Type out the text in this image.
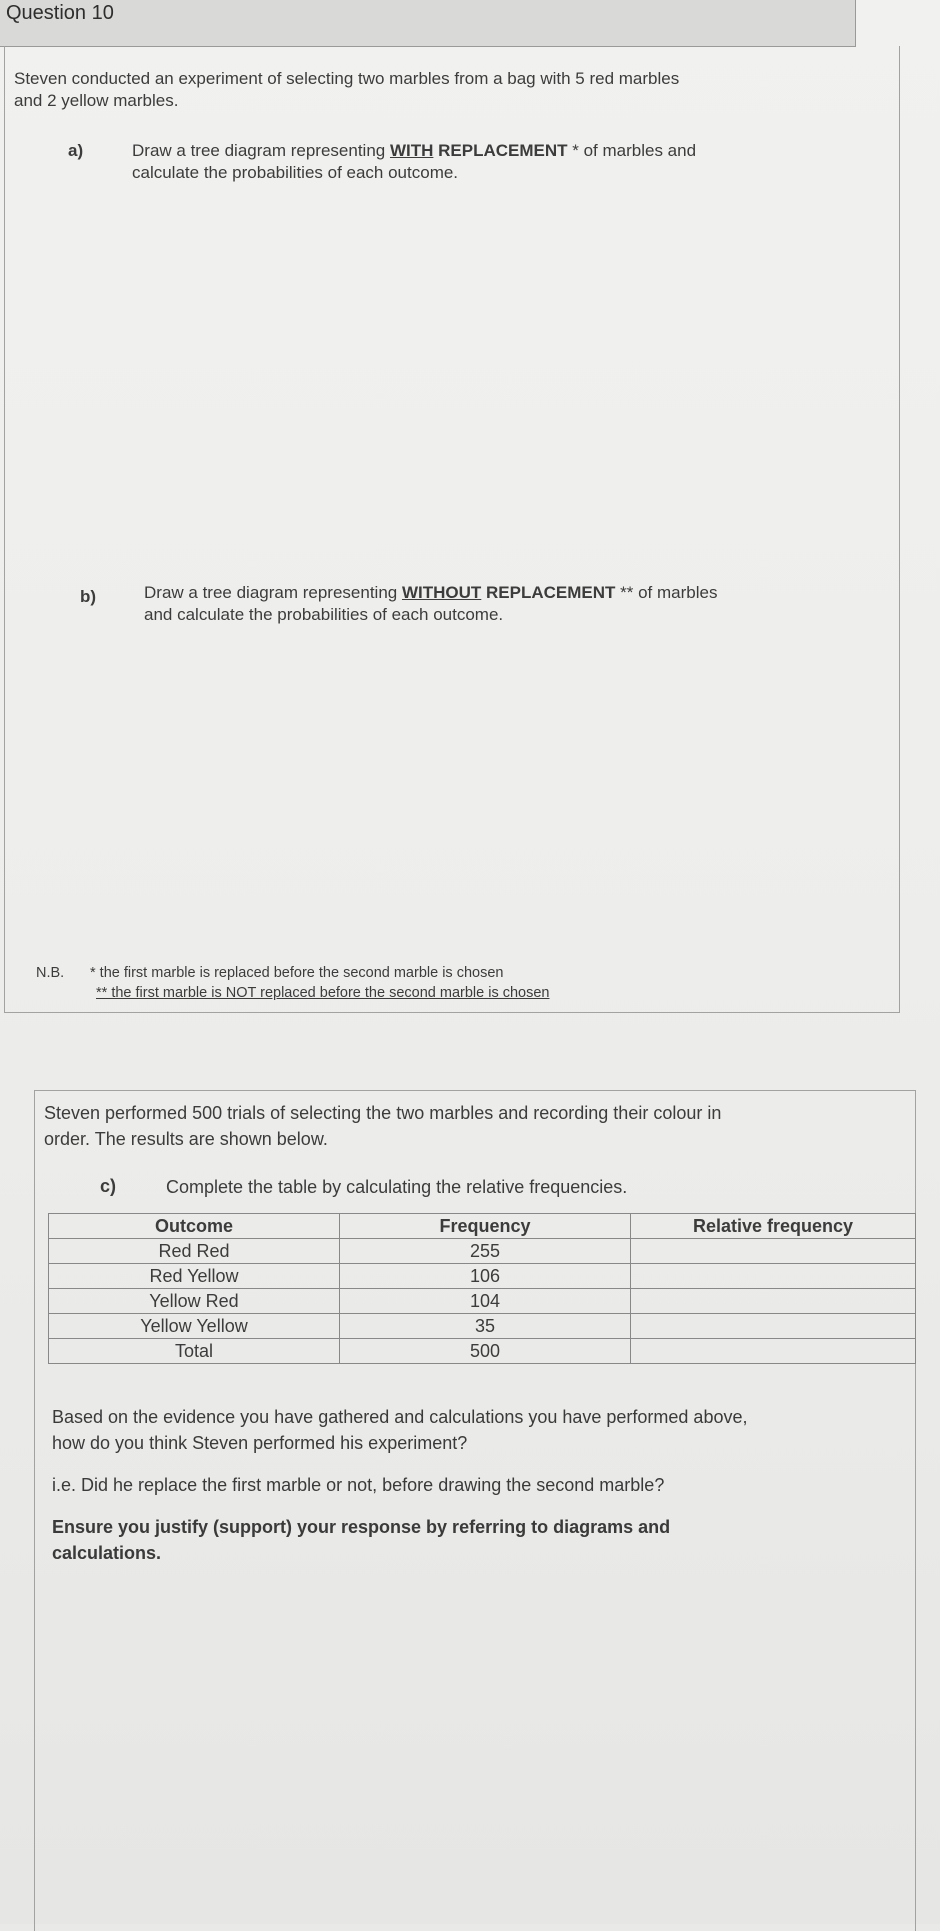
Question 10
Steven conducted an experiment of selecting two marbles from a bag with 5 red marbles
and 2 yellow marbles.
a)	Draw a tree diagram representing WITH REPLACEMENT * of marbles and
calculate the probabilities of each outcome.
b)	Draw a tree diagram representing WITHOUT REPLACEMENT ** of marbles
and calculate the probabilities of each outcome.
N.B. * the first marble is replaced before the second marble is chosen
** the first marble is NOT replaced before the second marble is chosen
Steven performed 500 trials of selecting the two marbles and recording their colour in
order. The results are shown below.
c)	Complete the table by calculating the relative frequencies.
Outcome	Frequency	Relative frequency
Red Red	255	
Red Yellow	106	
Yellow Red	104	
Yellow Yellow	35	
Total	500	
Based on the evidence you have gathered and calculations you have performed above,
how do you think Steven performed his experiment?
i.e. Did he replace the first marble or not, before drawing the second marble?
Ensure you justify (support) your response by referring to diagrams and
calculations.
